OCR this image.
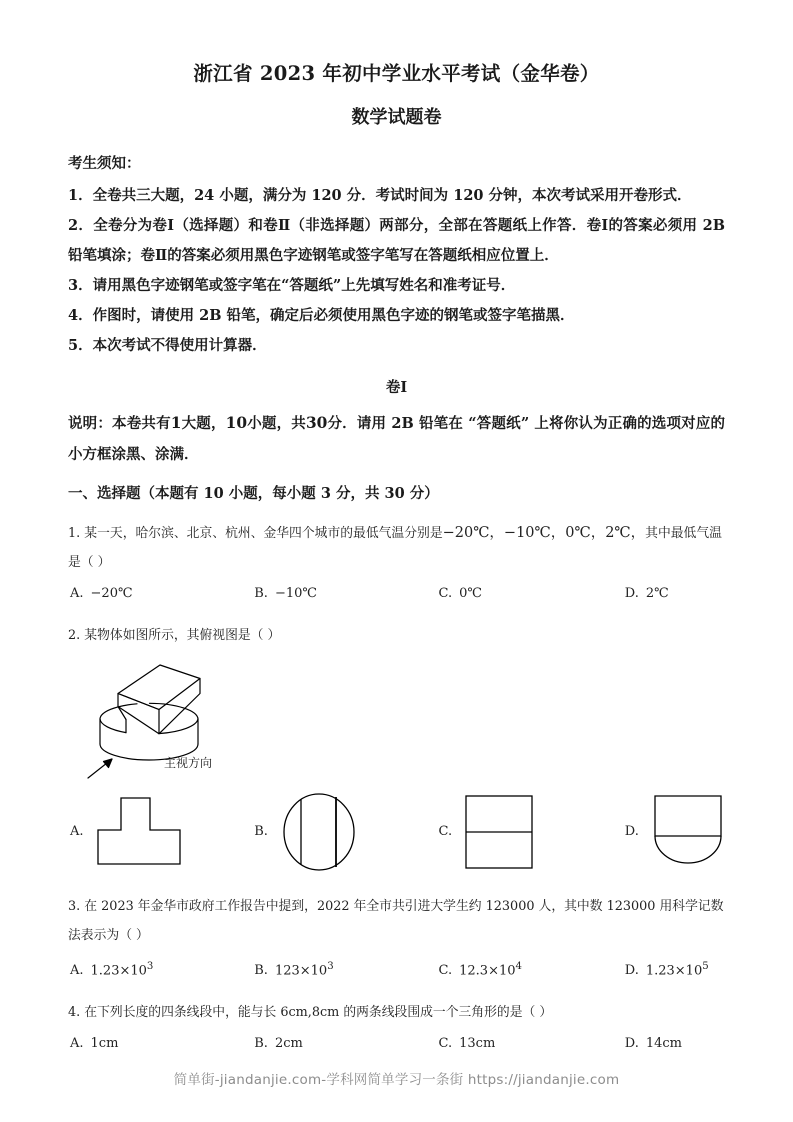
浙江省 2023 年初中学业水平考试（金华卷）
数学试题卷

考生须知：

1．全卷共三大题，24 小题，满分为 120 分．考试时间为 120 分钟，本次考试采用开卷形式．

2．全卷分为卷Ⅰ（选择题）和卷Ⅱ（非选择题）两部分，全部在答题纸上作答．卷Ⅰ的答案必须用 2B 铅笔填涂；卷Ⅱ的答案必须用黑色字迹钢笔或签字笔写在答题纸相应位置上．

3．请用黑色字迹钢笔或签字笔在“答题纸”上先填写姓名和准考证号．

4．作图时，请使用 2B 铅笔，确定后必须使用黑色字迹的钢笔或签字笔描黑．

5．本次考试不得使用计算器．

卷Ⅰ

说明：本卷共有1大题，10小题，共30分．请用 2B 铅笔在 “答题纸” 上将你认为正确的选项对应的小方框涂黑、涂满．

一、选择题（本题有 10 小题，每小题 3 分，共 30 分）

1. 某一天，哈尔滨、北京、杭州、金华四个城市的最低气温分别是−20℃，−10℃，0℃，2℃，其中最低气温是（ ）

A. −20℃	B. −10℃	C. 0℃	D. 2℃

2. 某物体如图所示，其俯视图是（ ）

主视方向
A.	B.	C.	D.

3. 在 2023 年金华市政府工作报告中提到，2022 年全市共引进大学生约 123000 人，其中数 123000 用科学记数法表示为（ ）

A. $1.23\times 10^3$	B. $123\times 10^3$	C. $12.3\times 10^4$	D. $1.23\times 10^5$

4. 在下列长度的四条线段中，能与长 6cm,8cm 的两条线段围成一个三角形的是（ ）

A. 1cm	B. 2cm	C. 13cm	D. 14cm
简单街-jiandanjie.com-学科网简单学习一条街 https://jiandanjie.com
